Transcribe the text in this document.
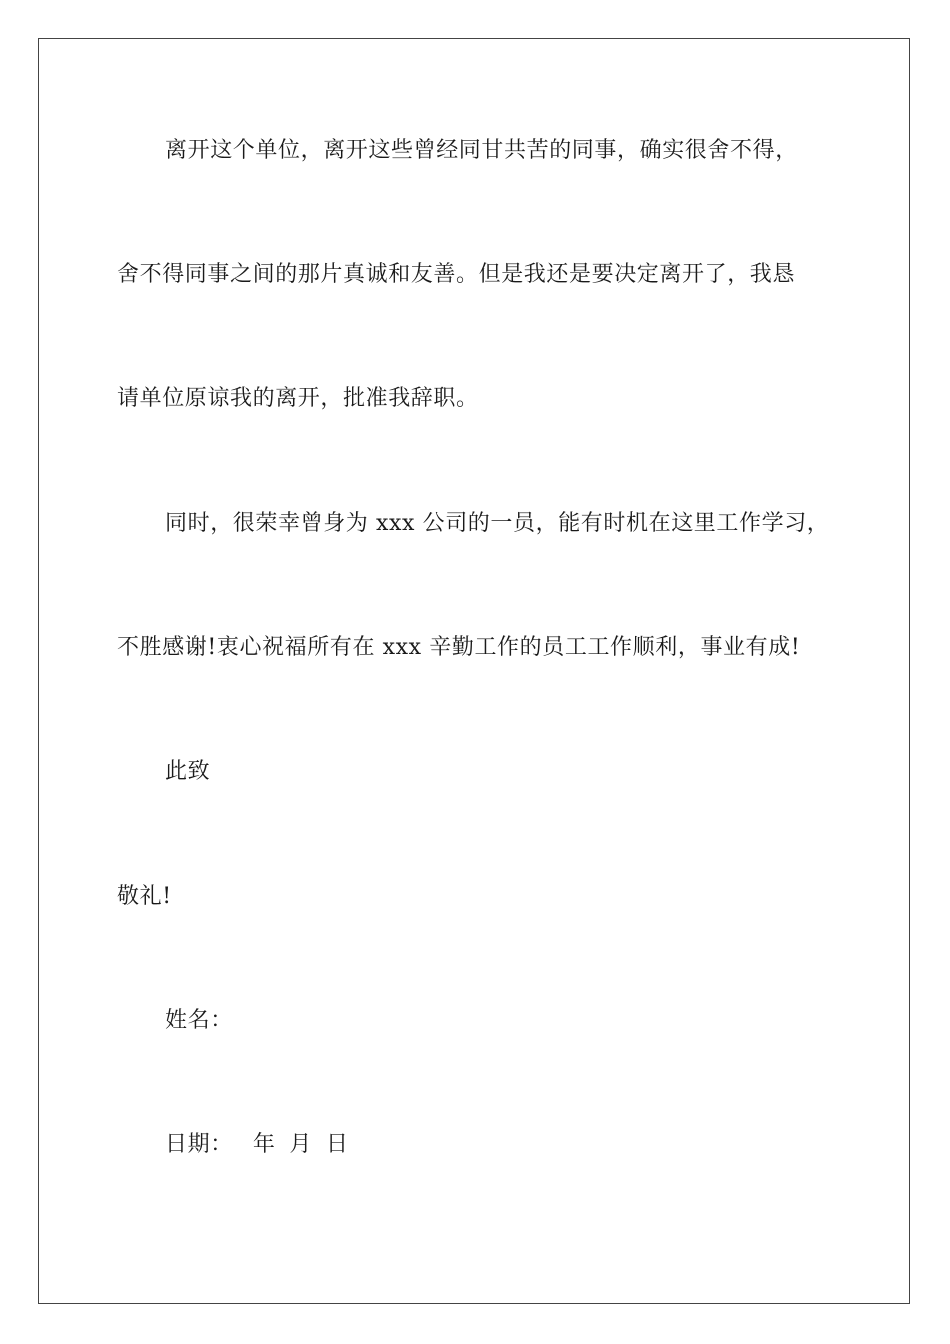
离开这个单位，离开这些曾经同甘共苦的同事，确实很舍不得，
舍不得同事之间的那片真诚和友善。但是我还是要决定离开了，我恳
请单位原谅我的离开，批准我辞职。
同时，很荣幸曾身为 xxx 公司的一员，能有时机在这里工作学习，
不胜感谢!衷心祝福所有在 xxx 辛勤工作的员工工作顺利，事业有成!
此致
敬礼!
姓名：
日期： 年 月 日
